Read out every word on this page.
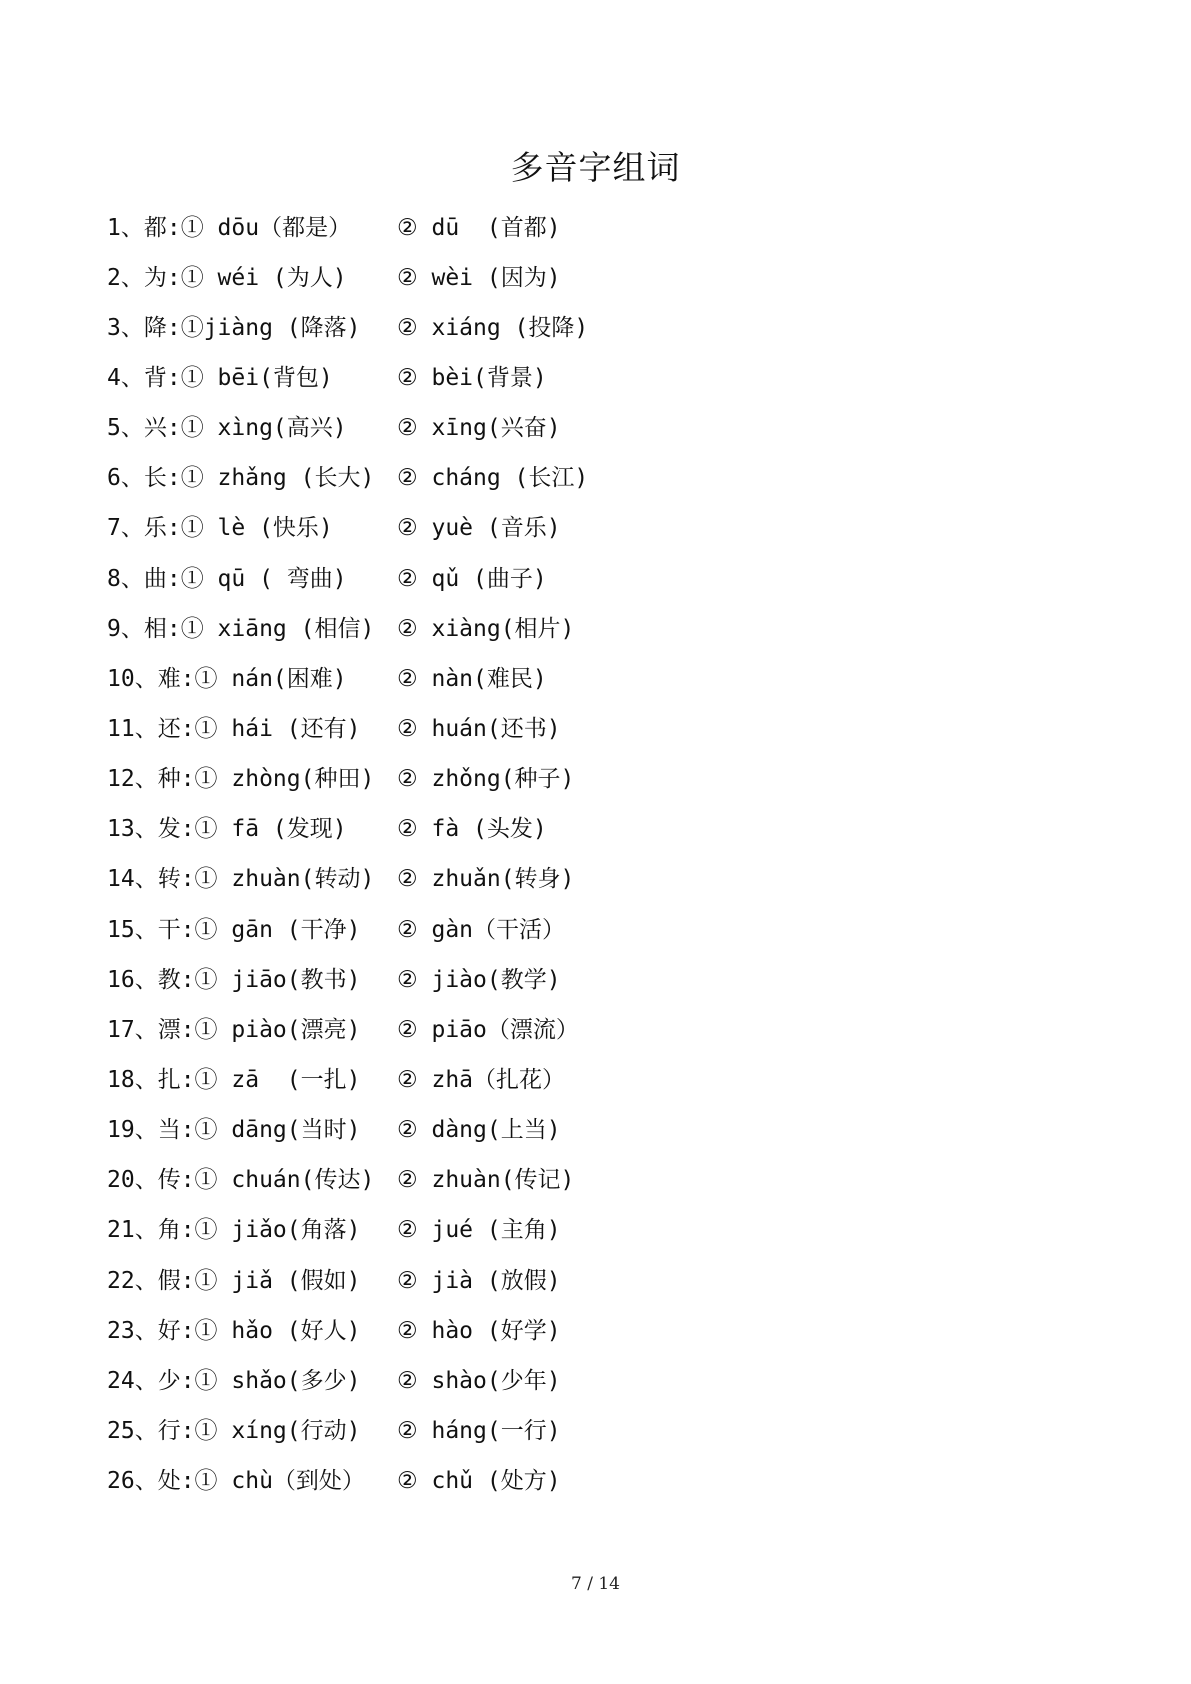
多音字组词
1、都:① dōu（都是）	② dū  (首都)
2、为:① wéi (为人)	② wèi (因为)
3、降:①jiàng (降落)	② xiáng (投降)
4、背:① bēi(背包)	② bèi(背景)
5、兴:① xìng(高兴)	② xīng(兴奋)
6、长:① zhǎng (长大) ② cháng (长江)
7、乐:① lè (快乐)	② yuè (音乐)
8、曲:① qū ( 弯曲)	② qǔ (曲子)
9、相:① xiāng (相信) ② xiàng(相片)
10、难:① nán(困难)	② nàn(难民)
11、还:① hái (还有)	② huán(还书)
12、种:① zhòng(种田) ② zhǒng(种子)
13、发:① fā (发现)	② fà (头发)
14、转:① zhuàn(转动) ② zhuǎn(转身)
15、干:① gān (干净)	② gàn（干活）
16、教:① jiāo(教书)	② jiào(教学)
17、漂:① piào(漂亮)	② piāo（漂流）
18、扎:① zā  (一扎)	② zhā（扎花）
19、当:① dāng(当时)	② dàng(上当)
20、传:① chuán(传达) ② zhuàn(传记)
21、角:① jiǎo(角落)	② jué (主角)
22、假:① jiǎ (假如)	② jià (放假)
23、好:① hǎo (好人)	② hào (好学)
24、少:① shǎo(多少)	② shào(少年)
25、行:① xíng(行动)	② háng(一行)
26、处:① chù（到处）	② chǔ (处方)
7 / 14
